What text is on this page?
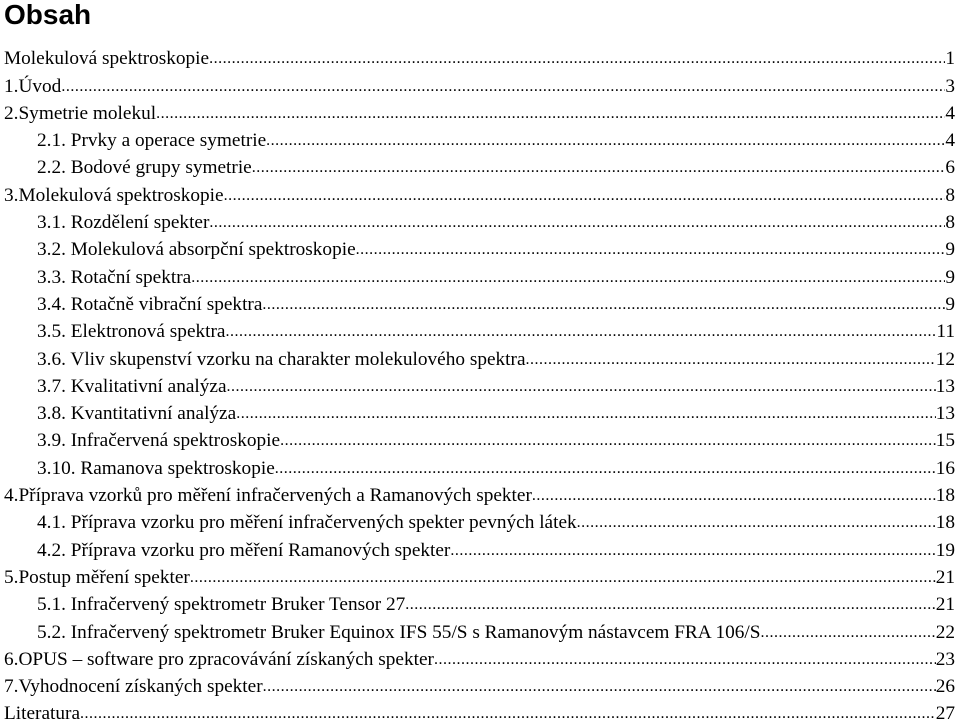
Obsah
Molekulová spektroskopie .....	1
1.Úvod .....	3
2.Symetrie molekul .....	4
2.1. Prvky a operace symetrie .....	4
2.2. Bodové grupy symetrie .....	6
3.Molekulová spektroskopie .....	8
3.1. Rozdělení spekter .....	8
3.2. Molekulová absorpční spektroskopie .....	9
3.3. Rotační spektra .....	9
3.4. Rotačně vibrační spektra .....	9
3.5. Elektronová spektra .....	11
3.6. Vliv skupenství vzorku na charakter molekulového spektra .....	12
3.7. Kvalitativní analýza .....	13
3.8. Kvantitativní analýza .....	13
3.9. Infračervená spektroskopie .....	15
3.10. Ramanova spektroskopie .....	16
4.Příprava vzorků pro měření infračervených a Ramanových spekter .....	18
4.1. Příprava vzorku pro měření infračervených spekter pevných látek .....	18
4.2. Příprava vzorku pro měření Ramanových spekter .....	19
5.Postup měření spekter .....	21
5.1. Infračervený spektrometr Bruker Tensor 27 .....	21
5.2. Infračervený spektrometr Bruker Equinox IFS 55/S s Ramanovým nástavcem FRA 106/S .....	22
6.OPUS – software pro zpracovávání získaných spekter .....	23
7.Vyhodnocení získaných spekter .....	26
Literatura .....	27
